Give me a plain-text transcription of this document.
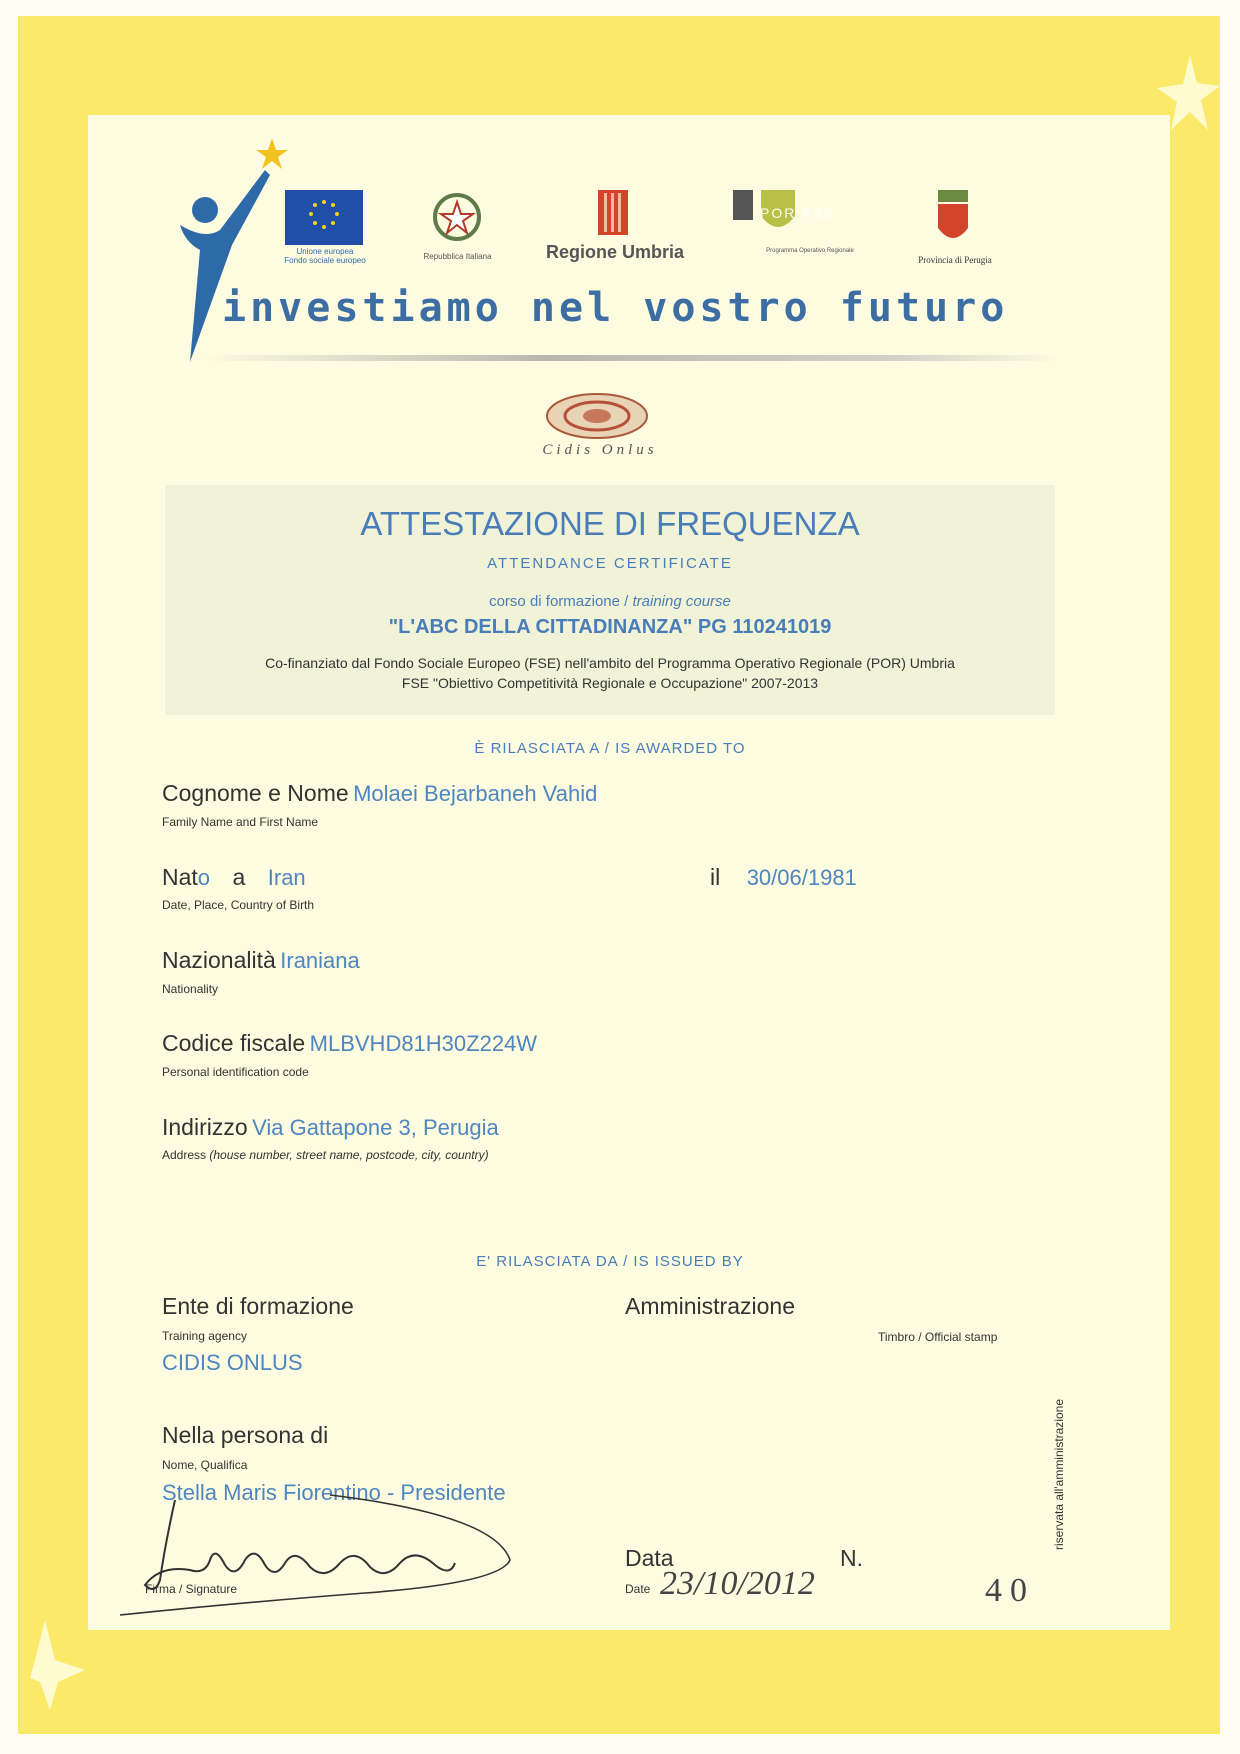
Unione europea
Fondo sociale europeo	Repubblica Italiana	Regione Umbria
POR FSE
Programma Operativo Regionale
Provincia di Perugia
investiamo nel vostro futuro
Cidis Onlus
ATTESTAZIONE DI FREQUENZA
ATTENDANCE CERTIFICATE
corso di formazione / training course
"L'ABC DELLA CITTADINANZA" PG 110241019
Co-finanziato dal Fondo Sociale Europeo (FSE) nell'ambito del Programma Operativo Regionale (POR) Umbria
FSE "Obiettivo Competitività Regionale e Occupazione" 2007-2013
È RILASCIATA A / IS AWARDED TO
Cognome e Nome Molaei Bejarbaneh Vahid
Family Name and First Name
Nato a Iran	il 30/06/1981
Date, Place, Country of Birth
Nazionalità Iraniana
Nationality
Codice fiscale MLBVHD81H30Z224W
Personal identification code
Indirizzo Via Gattapone 3, Perugia
Address (house number, street name, postcode, city, country)
E' RILASCIATA DA / IS ISSUED BY
Ente di formazione
Training agency
CIDIS ONLUS
Amministrazione
Timbro / Official stamp
Nella persona di
Nome, Qualifica
Stella Maris Fiorentino - Presidente
Firma / Signature
Data
Date 23/10/2012
N.
40
riservata all'amministrazione
